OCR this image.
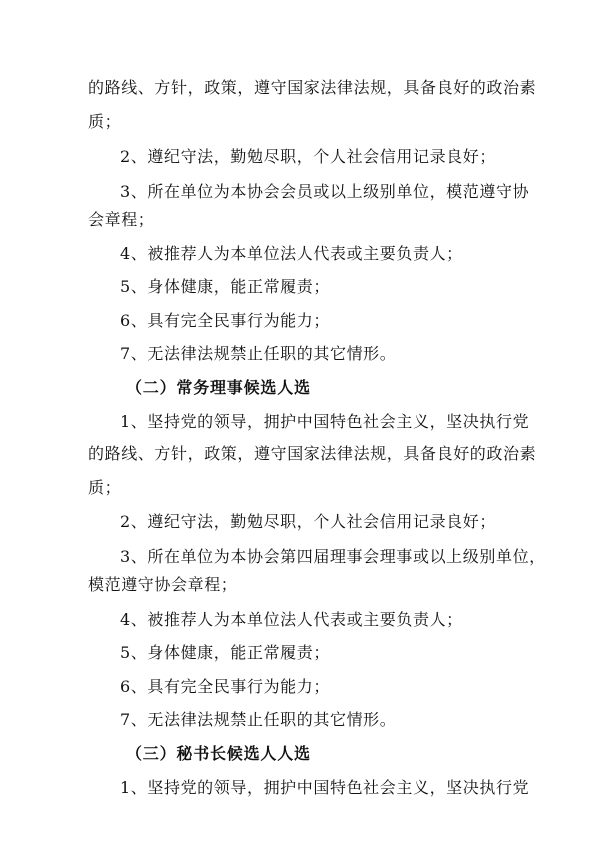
的路线、方针，政策，遵守国家法律法规，具备良好的政治素
质；
2、遵纪守法，勤勉尽职，个人社会信用记录良好；
3、所在单位为本协会会员或以上级别单位，模范遵守协
会章程；
4、被推荐人为本单位法人代表或主要负责人；
5、身体健康，能正常履责；
6、具有完全民事行为能力；
7、无法律法规禁止任职的其它情形。
（二）常务理事候选人选
1、坚持党的领导，拥护中国特色社会主义，坚决执行党
的路线、方针，政策，遵守国家法律法规，具备良好的政治素
质；
2、遵纪守法，勤勉尽职，个人社会信用记录良好；
3、所在单位为本协会第四届理事会理事或以上级别单位，
模范遵守协会章程；
4、被推荐人为本单位法人代表或主要负责人；
5、身体健康，能正常履责；
6、具有完全民事行为能力；
7、无法律法规禁止任职的其它情形。
（三）秘书长候选人人选
1、坚持党的领导，拥护中国特色社会主义，坚决执行党
